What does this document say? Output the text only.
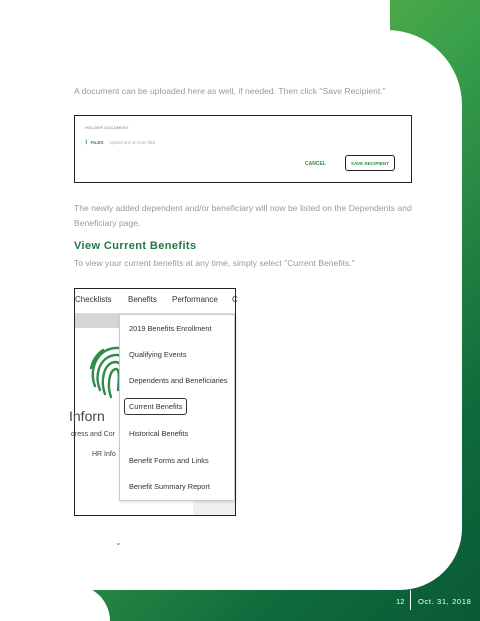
A document can be uploaded here as well, if needed. Then click "Save Recipient."
HOLDER DOCUMENT
⭱ FILES Upload one or more files
CANCEL	SAVE RECIPIENT
The newly added dependent and/or beneficiary will now be listed on the Dependents and
Beneficiary page.
View Current Benefits
To view your current benefits at any time, simply select "Current Benefits."
Checklists Benefits Performance C
Inforn
dress and Cor
HR Info
⌄
2019 Benefits Enrollment
Qualifying Events
Dependents and Beneficiaries
Current Benefits
Historical Benefits
Benefit Forms and Links
Benefit Summary Report
12 Oct. 31, 2018
